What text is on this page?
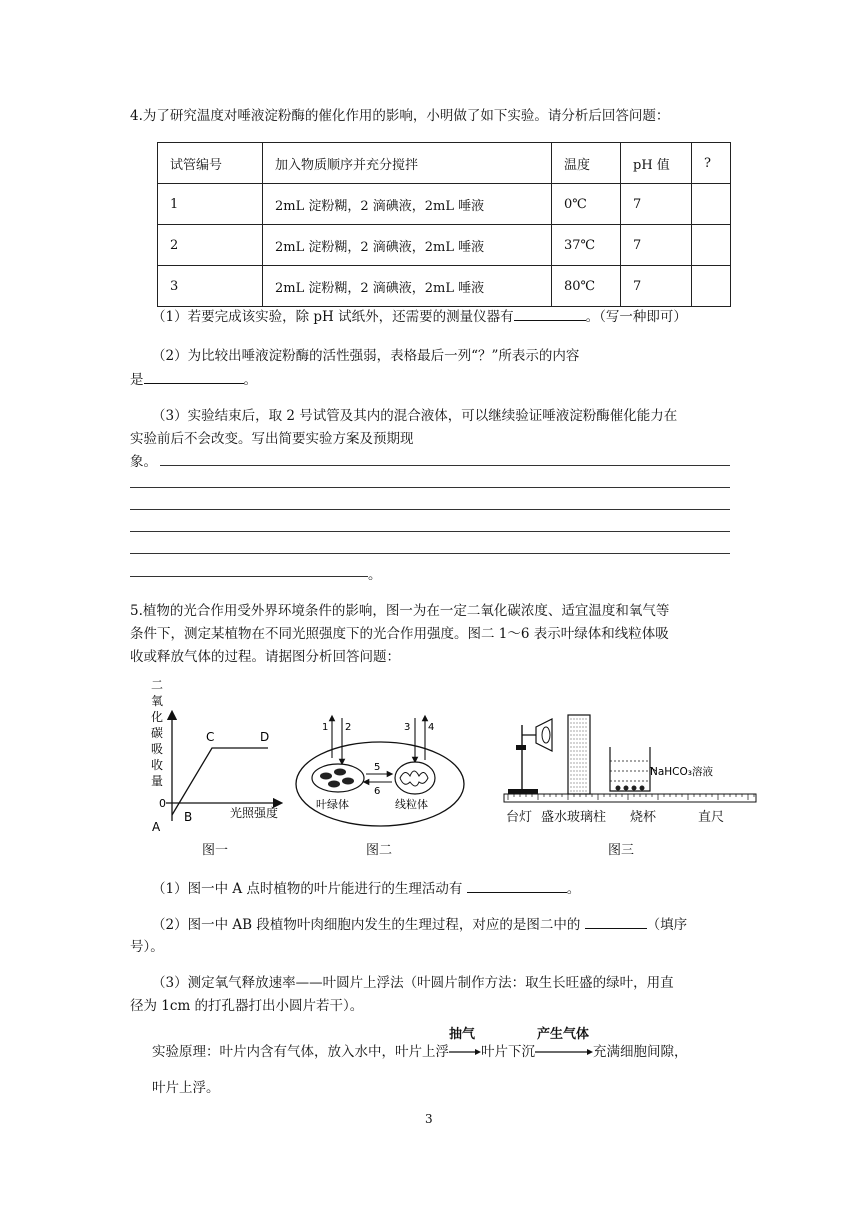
4.为了研究温度对唾液淀粉酶的催化作用的影响，小明做了如下实验。请分析后回答问题：
试管编号	加入物质顺序并充分搅拌	温度	pH 值	?
1	2mL 淀粉糊，2 滴碘液，2mL 唾液	0℃	7	
2	2mL 淀粉糊，2 滴碘液，2mL 唾液	37℃	7	
3	2mL 淀粉糊，2 滴碘液，2mL 唾液	80℃	7	
（1）若要完成该实验，除 pH 试纸外，还需要的测量仪器有	。（写一种即可）
（2）为比较出唾液淀粉酶的活性强弱，表格最后一列“？”所表示的内容
是	。
（3）实验结束后，取 2 号试管及其内的混合液体，可以继续验证唾液淀粉酶催化能力在
实验前后不会改变。写出简要实验方案及预期现
象。
。
5.植物的光合作用受外界环境条件的影响，图一为在一定二氧化碳浓度、适宜温度和氧气等
条件下，测定某植物在不同光照强度下的光合作用强度。图二 1～6 表示叶绿体和线粒体吸
收或释放气体的过程。请据图分析回答问题：
0
A
B
C	D
光照强度
二
氧
化
碳
吸
收
量
图一
1 2	3 4
5
6
叶绿体	线粒体
图二
NaHCO₃溶液
台灯 盛水玻璃柱 烧杯	直尺
图三
（1）图一中 A 点时植物的叶片能进行的生理活动有	。
（2）图一中 AB 段植物叶肉细胞内发生的生理过程，对应的是图二中的	（填序
号）。
（3）测定氧气释放速率——叶圆片上浮法（叶圆片制作方法：取生长旺盛的绿叶，用直
径为 1cm 的打孔器打出小圆片若干）。
实验原理：叶片内含有气体，放入水中，叶片上浮
抽气
叶片下沉
产生气体
充满细胞间隙，
叶片上浮。
3
